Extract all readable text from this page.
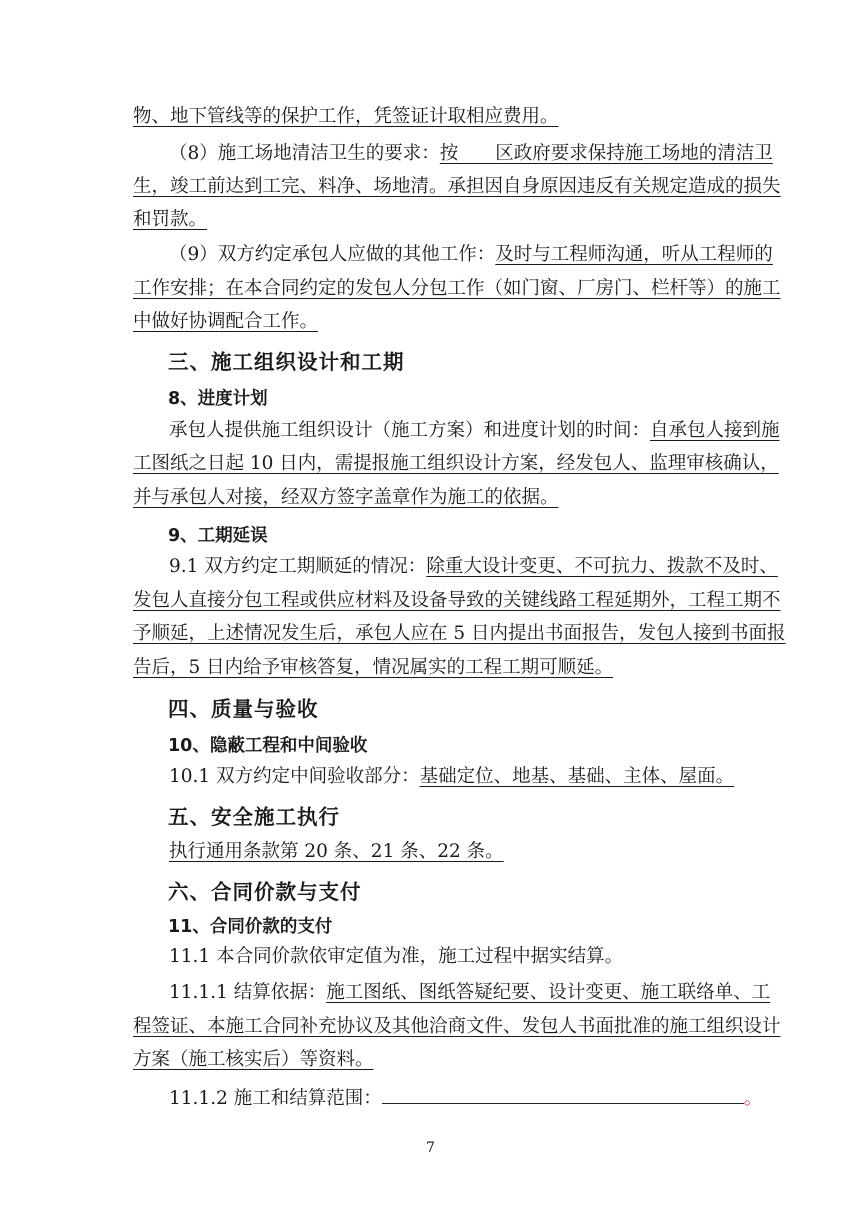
物、地下管线等的保护工作，凭签证计取相应费用。
（8）施工场地清洁卫生的要求：按　　区政府要求保持施工场地的清洁卫
生，竣工前达到工完、料净、场地清。承担因自身原因违反有关规定造成的损失
和罚款。
（9）双方约定承包人应做的其他工作：及时与工程师沟通，听从工程师的
工作安排；在本合同约定的发包人分包工作（如门窗、厂房门、栏杆等）的施工
中做好协调配合工作。
三、施工组织设计和工期
8、进度计划
承包人提供施工组织设计（施工方案）和进度计划的时间：自承包人接到施
工图纸之日起 10 日内，需提报施工组织设计方案，经发包人、监理审核确认，
并与承包人对接，经双方签字盖章作为施工的依据。
9、工期延误
9.1 双方约定工期顺延的情况：除重大设计变更、不可抗力、拨款不及时、
发包人直接分包工程或供应材料及设备导致的关键线路工程延期外，工程工期不
予顺延，上述情况发生后，承包人应在 5 日内提出书面报告，发包人接到书面报
告后，5 日内给予审核答复，情况属实的工程工期可顺延。
四、质量与验收
10、隐蔽工程和中间验收
10.1 双方约定中间验收部分：基础定位、地基、基础、主体、屋面。
五、安全施工执行
执行通用条款第 20 条、21 条、22 条。
六、合同价款与支付
11、合同价款的支付
11.1 本合同价款依审定值为准，施工过程中据实结算。
11.1.1 结算依据：施工图纸、图纸答疑纪要、设计变更、施工联络单、工
程签证、本施工合同补充协议及其他洽商文件、发包人书面批准的施工组织设计
方案（施工核实后）等资料。
11.1.2 施工和结算范围：	。
7
